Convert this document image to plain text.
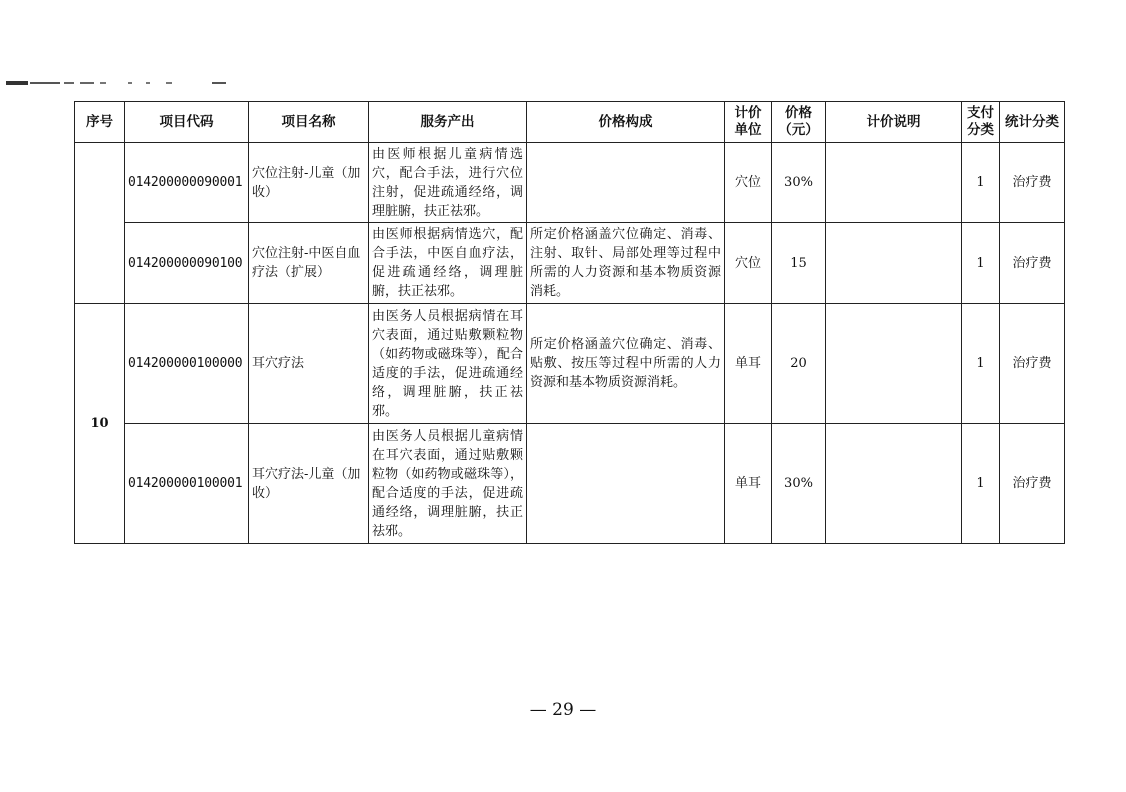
序号	项目代码	项目名称	服务产出	价格构成	计价单位	价格（元）	计价说明	支付分类	统计分类
	014200000090001	穴位注射-儿童（加收）	由医师根据儿童病情选穴，配合手法，进行穴位注射，促进疏通经络，调理脏腑，扶正祛邪。		穴位	30%		1	治疗费
	014200000090100	穴位注射-中医自血疗法（扩展）	由医师根据病情选穴，配合手法，中医自血疗法，促进疏通经络，调理脏腑，扶正祛邪。	所定价格涵盖穴位确定、消毒、注射、取针、局部处理等过程中所需的人力资源和基本物质资源消耗。	穴位	15		1	治疗费
10	014200000100000	耳穴疗法	由医务人员根据病情在耳穴表面，通过贴敷颗粒物（如药物或磁珠等），配合适度的手法，促进疏通经络，调理脏腑，扶正祛邪。	所定价格涵盖穴位确定、消毒、贴敷、按压等过程中所需的人力资源和基本物质资源消耗。	单耳	20		1	治疗费
	014200000100001	耳穴疗法-儿童（加收）	由医务人员根据儿童病情在耳穴表面，通过贴敷颗粒物（如药物或磁珠等），配合适度的手法，促进疏通经络，调理脏腑，扶正祛邪。		单耳	30%		1	治疗费
— 29 —
